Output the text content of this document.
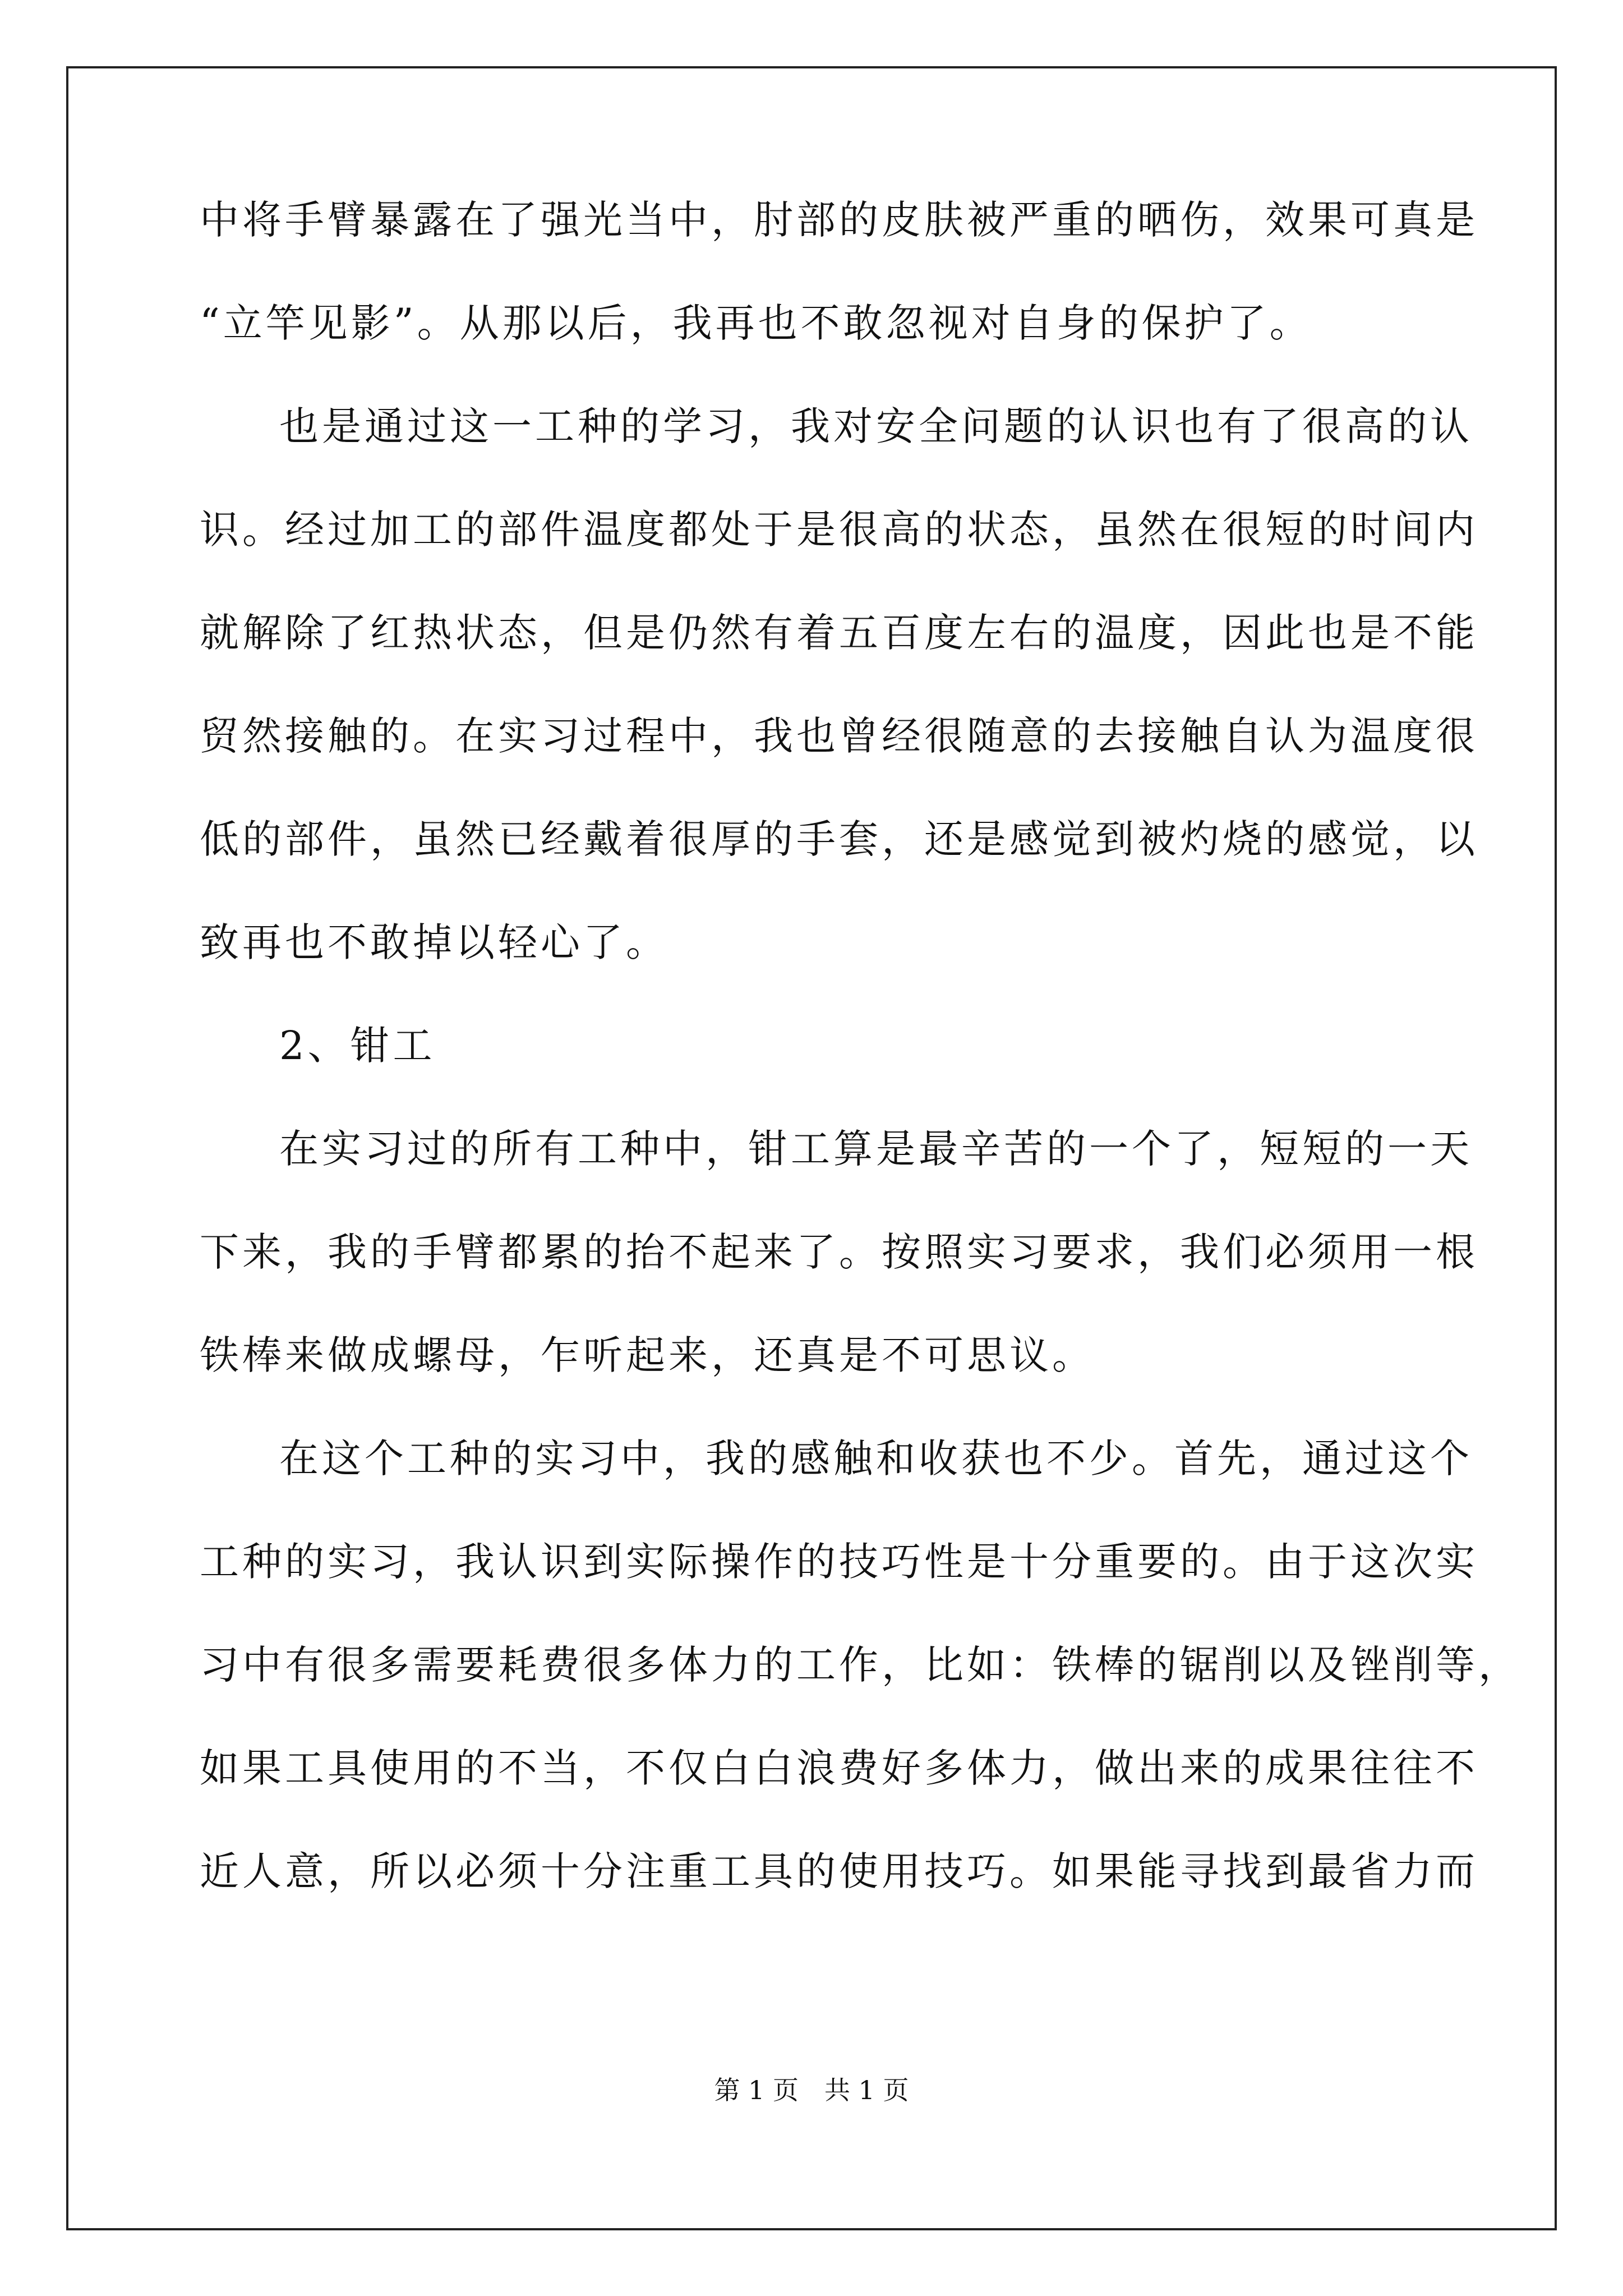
中将手臂暴露在了强光当中，肘部的皮肤被严重的晒伤，效果可真是
“立竿见影”。从那以后，我再也不敢忽视对自身的保护了。
也是通过这一工种的学习，我对安全问题的认识也有了很高的认
识。经过加工的部件温度都处于是很高的状态，虽然在很短的时间内
就解除了红热状态，但是仍然有着五百度左右的温度，因此也是不能
贸然接触的。在实习过程中，我也曾经很随意的去接触自认为温度很
低的部件，虽然已经戴着很厚的手套，还是感觉到被灼烧的感觉，以
致再也不敢掉以轻心了。
2、钳工
在实习过的所有工种中，钳工算是最辛苦的一个了，短短的一天
下来，我的手臂都累的抬不起来了。按照实习要求，我们必须用一根
铁棒来做成螺母，乍听起来，还真是不可思议。
在这个工种的实习中，我的感触和收获也不少。首先，通过这个
工种的实习，我认识到实际操作的技巧性是十分重要的。由于这次实
习中有很多需要耗费很多体力的工作，比如：铁棒的锯削以及锉削等，
如果工具使用的不当，不仅白白浪费好多体力，做出来的成果往往不
近人意，所以必须十分注重工具的使用技巧。如果能寻找到最省力而
第 1 页　共 1 页
